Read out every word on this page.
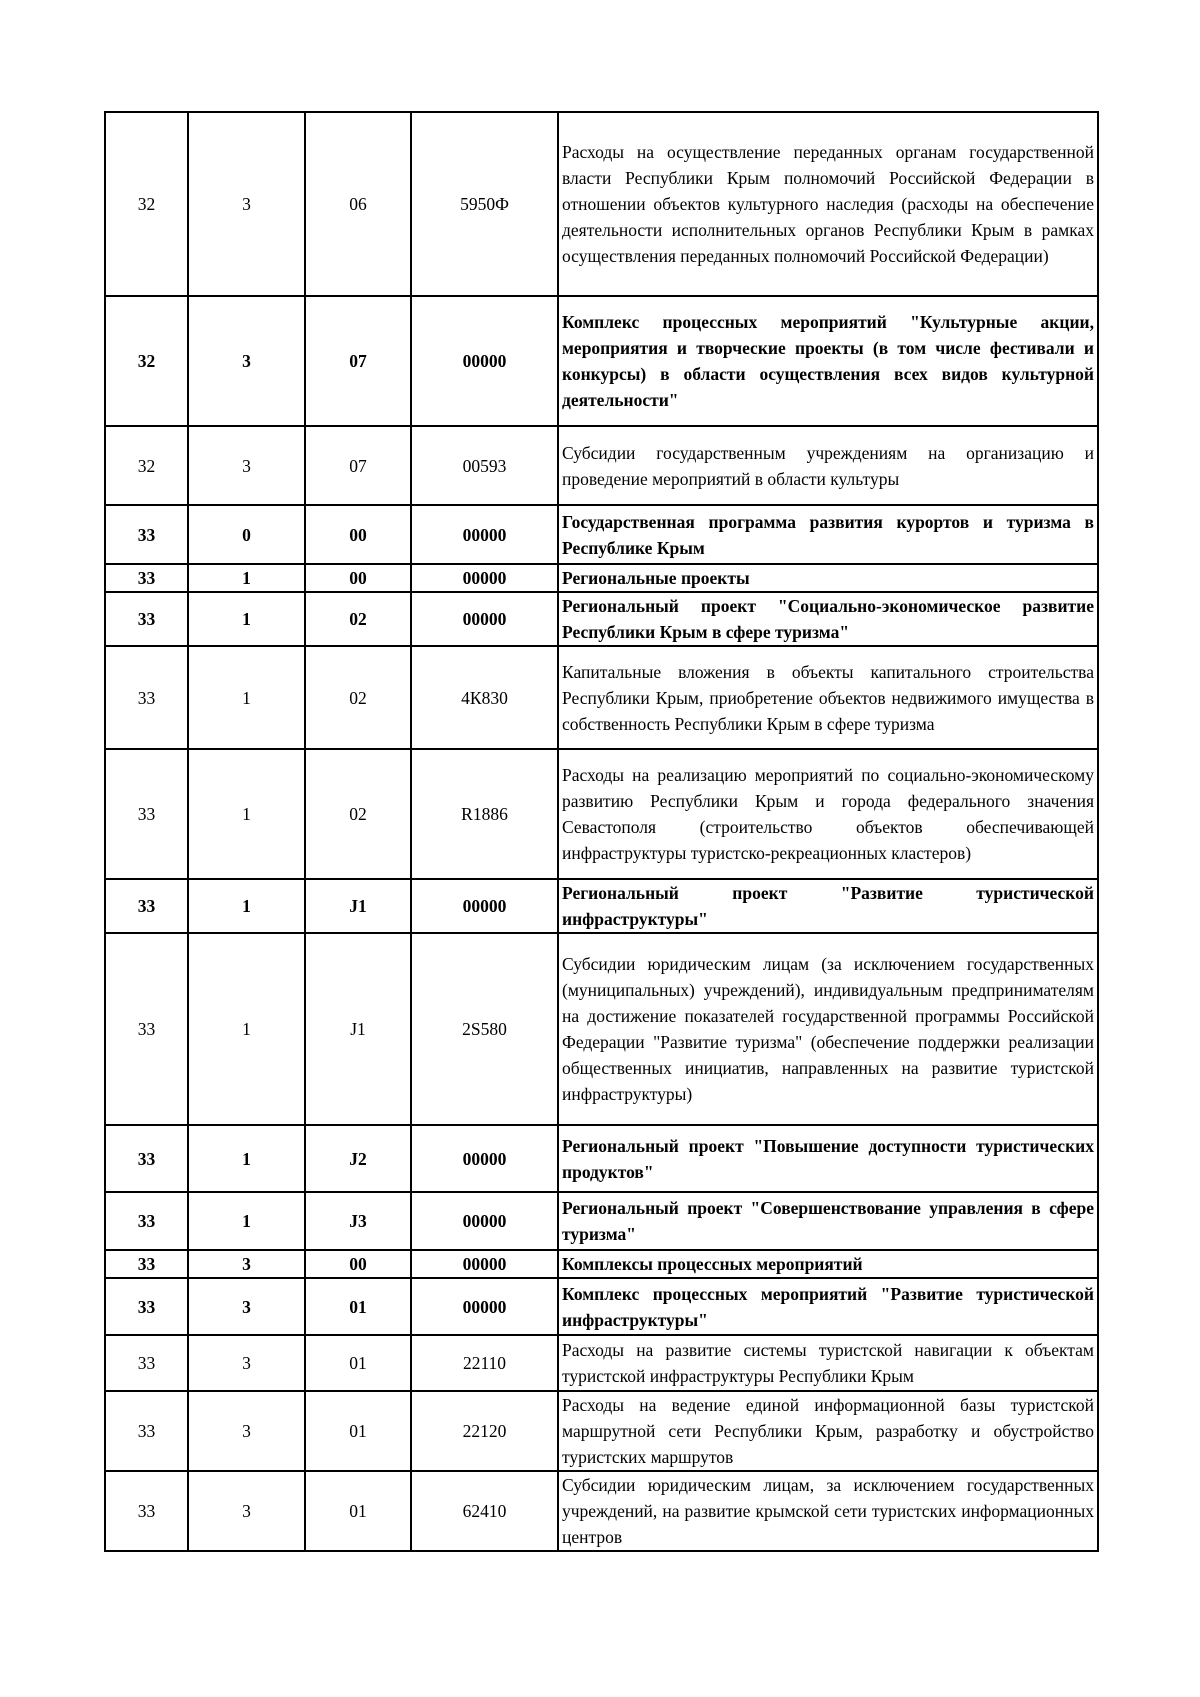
32	3	06	5950Ф	Расходы на осуществление переданных органам государственной власти Республики Крым полномочий Российской Федерации в отношении объектов культурного наследия (расходы на обеспечение деятельности исполнительных органов Республики Крым в рамках осуществления переданных полномочий Российской Федерации)
32	3	07	00000	Комплекс процессных мероприятий "Культурные акции, мероприятия и творческие проекты (в том числе фестивали и конкурсы) в области осуществления всех видов культурной деятельности"
32	3	07	00593	Субсидии государственным учреждениям на организацию и проведение мероприятий в области культуры
33	0	00	00000	Государственная программа развития курортов и туризма в Республике Крым
33	1	00	00000	Региональные проекты
33	1	02	00000	Региональный проект "Социально-экономическое развитие Республики Крым в сфере туризма"
33	1	02	4К830	Капитальные вложения в объекты капитального строительства Республики Крым, приобретение объектов недвижимого имущества в собственность Республики Крым в сфере туризма
33	1	02	R1886	Расходы на реализацию мероприятий по социально-экономическому развитию Республики Крым и города федерального значения Севастополя (строительство объектов обеспечивающей инфраструктуры туристско-рекреационных кластеров)
33	1	J1	00000	Региональный проект "Развитие туристической инфраструктуры"
33	1	J1	2S580	Субсидии юридическим лицам (за исключением государственных (муниципальных) учреждений), индивидуальным предпринимателям на достижение показателей государственной программы Российской Федерации "Развитие туризма" (обеспечение поддержки реализации общественных инициатив, направленных на развитие туристской инфраструктуры)
33	1	J2	00000	Региональный проект "Повышение доступности туристических продуктов"
33	1	J3	00000	Региональный проект "Совершенствование управления в сфере туризма"
33	3	00	00000	Комплексы процессных мероприятий
33	3	01	00000	Комплекс процессных мероприятий "Развитие туристической инфраструктуры"
33	3	01	22110	Расходы на развитие системы туристской навигации к объектам туристской инфраструктуры Республики Крым
33	3	01	22120	Расходы на ведение единой информационной базы туристской маршрутной сети Республики Крым, разработку и обустройство туристских маршрутов
33	3	01	62410	Субсидии юридическим лицам, за исключением государственных учреждений, на развитие крымской сети туристских информационных центров
